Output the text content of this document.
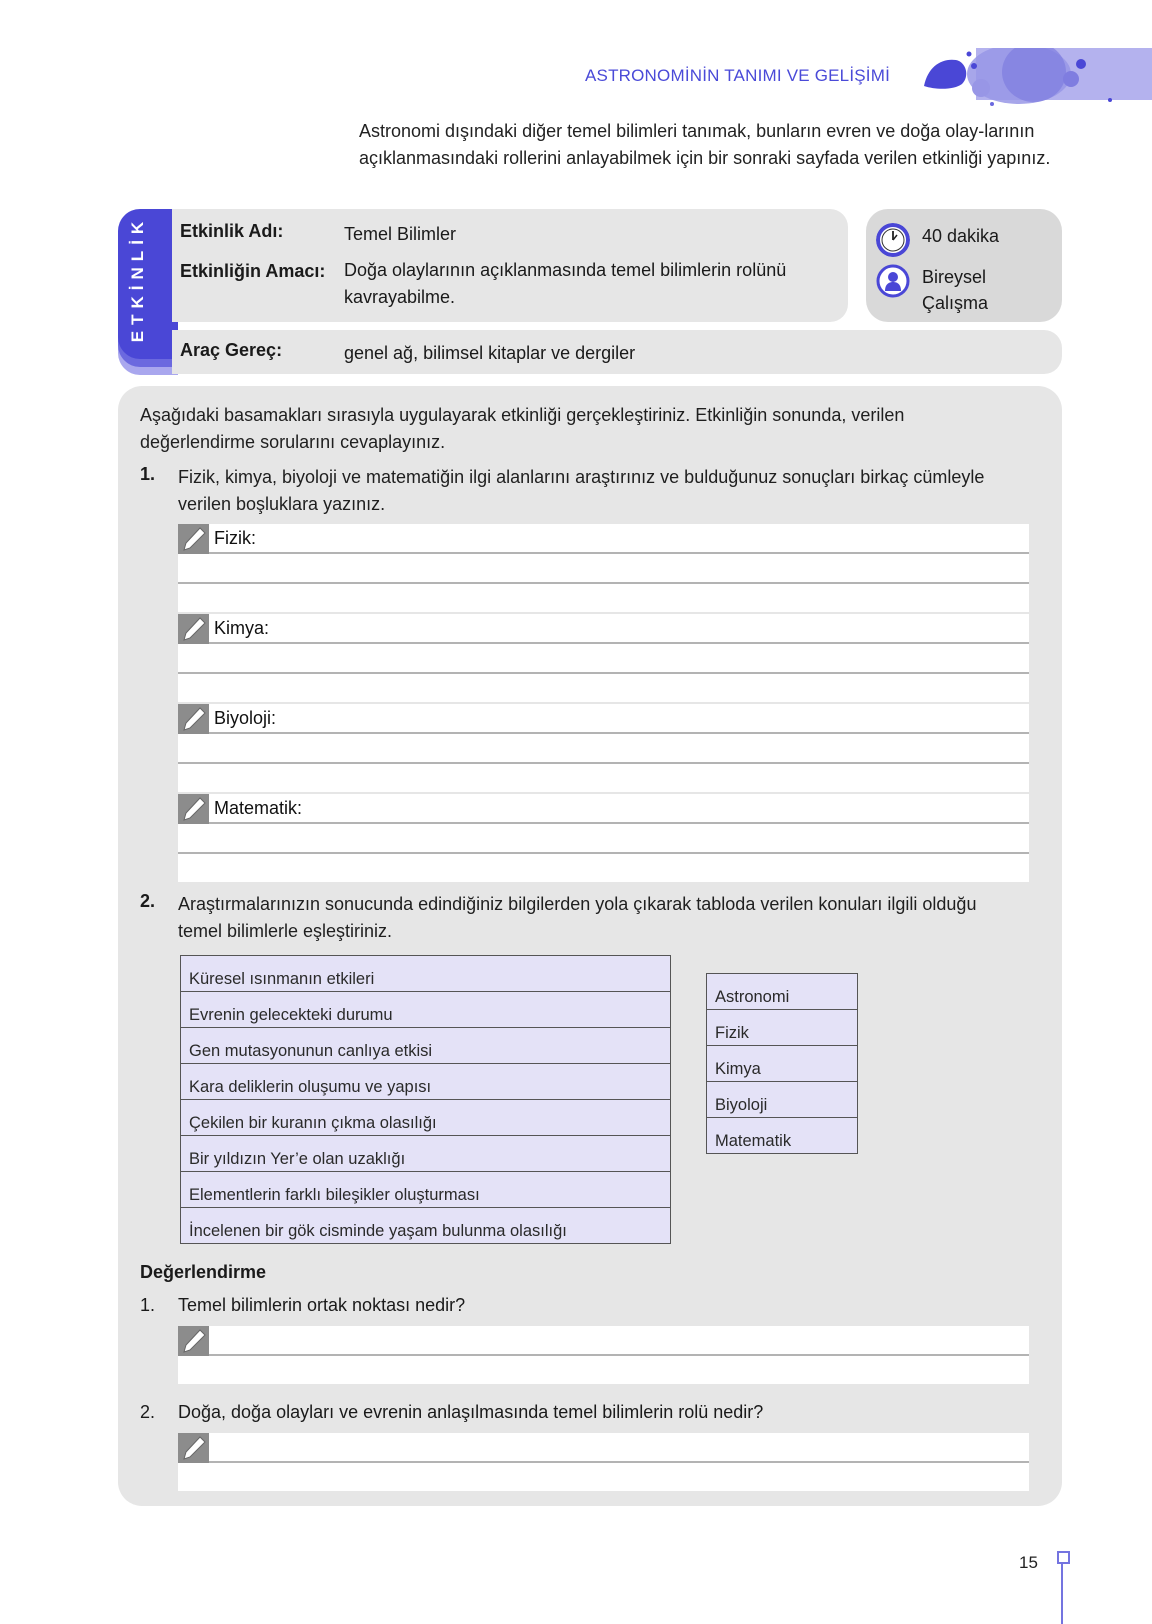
ASTRONOMİNİN TANIMI VE GELİŞİMİ
Astronomi dışındaki diğer temel bilimleri tanımak, bunların evren ve doğa olay-larının açıklanmasındaki rollerini anlayabilmek için bir sonraki sayfada verilen etkinliği yapınız.
ETKİNLİK Etkinlik Adı:	Temel Bilimler
Etkinliğin Amacı: Doğa olaylarının açıklanmasında temel bilimlerin rolünü kavrayabilme.
Araç Gereç:	genel ağ, bilimsel kitaplar ve dergiler
40 dakika
Bireysel Çalışma
Aşağıdaki basamakları sırasıyla uygulayarak etkinliği gerçekleştiriniz. Etkinliğin sonunda, verilen değerlendirme sorularını cevaplayınız.
1. Fizik, kimya, biyoloji ve matematiğin ilgi alanlarını araştırınız ve bulduğunuz sonuçları birkaç cümleyle verilen boşluklara yazınız.
Fizik:
Kimya:
Biyoloji:
Matematik:
2. Araştırmalarınızın sonucunda edindiğiniz bilgilerden yola çıkarak tabloda verilen konuları ilgili olduğu temel bilimlerle eşleştiriniz.
Küresel ısınmanın etkileri
Evrenin gelecekteki durumu
Gen mutasyonunun canlıya etkisi
Kara deliklerin oluşumu ve yapısı
Çekilen bir kuranın çıkma olasılığı
Bir yıldızın Yer’e olan uzaklığı
Elementlerin farklı bileşikler oluşturması
İncelenen bir gök cisminde yaşam bulunma olasılığı
Astronomi
Fizik
Kimya
Biyoloji
Matematik
Değerlendirme
1. Temel bilimlerin ortak noktası nedir?
2. Doğa, doğa olayları ve evrenin anlaşılmasında temel bilimlerin rolü nedir?
15
